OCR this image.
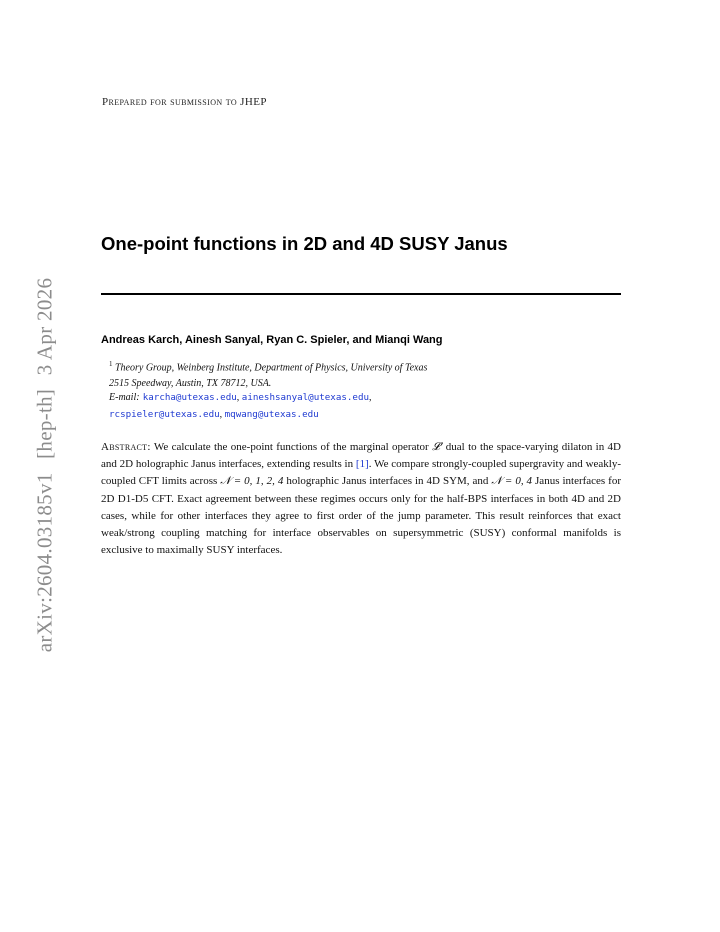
arXiv:2604.03185v1 [hep-th] 3 Apr 2026
Prepared for submission to JHEP
One-point functions in 2D and 4D SUSY Janus
Andreas Karch, Ainesh Sanyal, Ryan C. Spieler, and Mianqi Wang
$^1$ Theory Group, Weinberg Institute, Department of Physics, University of Texas
2515 Speedway, Austin, TX 78712, USA.
E-mail: karcha@utexas.edu, aineshsanyal@utexas.edu,
rcspieler@utexas.edu, mqwang@utexas.edu
Abstract: We calculate the one-point functions of the marginal operator 𝓛′ dual to the space-varying dilaton in 4D and 2D holographic Janus interfaces, extending results in [1]. We compare strongly-coupled supergravity and weakly-coupled CFT limits across 𝒩 = 0, 1, 2, 4 holographic Janus interfaces in 4D SYM, and 𝒩 = 0, 4 Janus interfaces for 2D D1-D5 CFT. Exact agreement between these regimes occurs only for the half-BPS interfaces in both 4D and 2D cases, while for other interfaces they agree to first order of the jump parameter. This result reinforces that exact weak/strong coupling matching for interface observables on supersymmetric (SUSY) conformal manifolds is exclusive to maximally SUSY interfaces.
